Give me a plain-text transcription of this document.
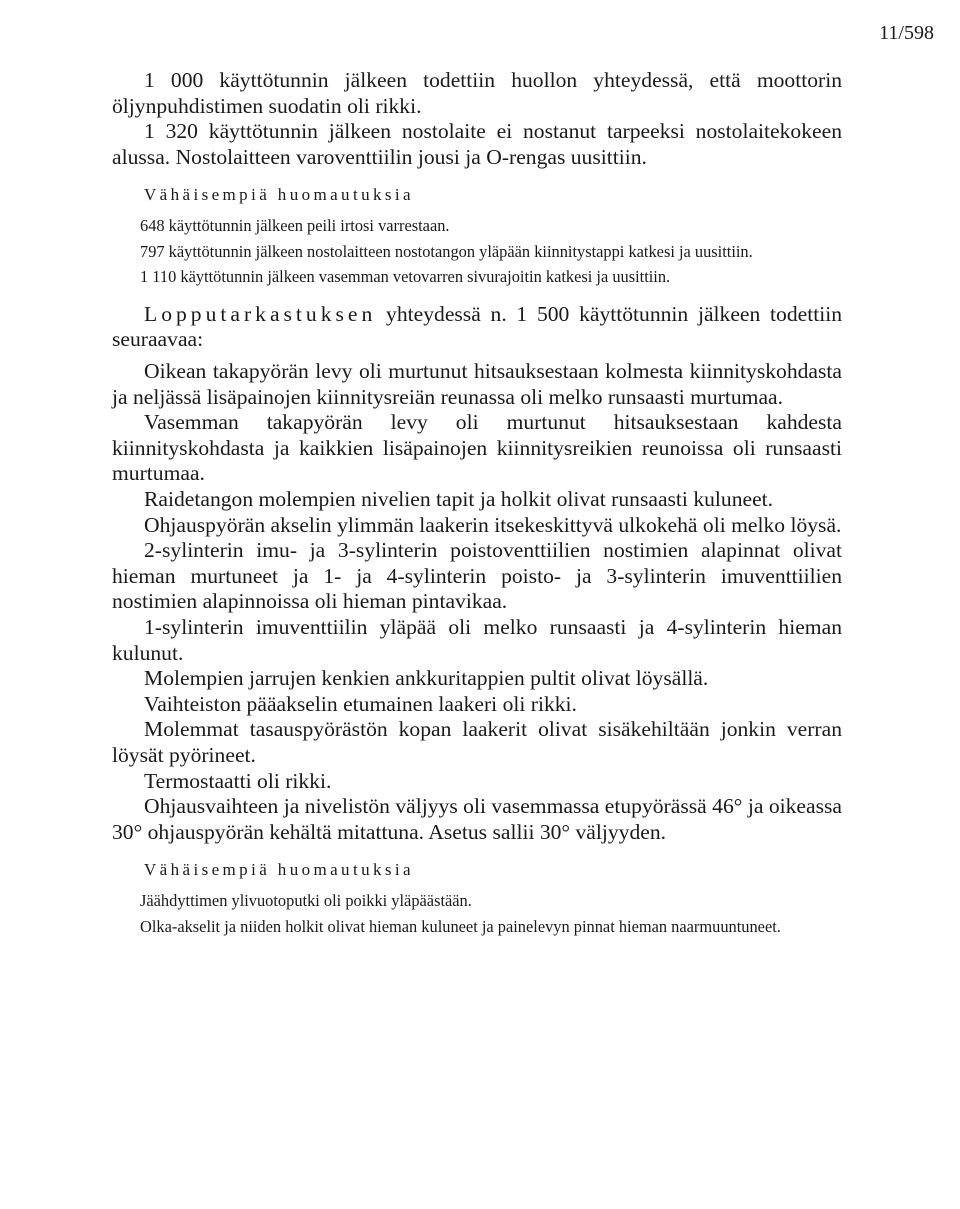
11/598

1 000 käyttötunnin jälkeen todettiin huollon yhteydessä, että moottorin öljynpuhdistimen suodatin oli rikki.

1 320 käyttötunnin jälkeen nostolaite ei nostanut tarpeeksi nostolaitekokeen alussa. Nostolaitteen varoventtiilin jousi ja O-rengas uusittiin.

Vähäisempiä huomautuksia

648 käyttötunnin jälkeen peili irtosi varrestaan.

797 käyttötunnin jälkeen nostolaitteen nostotangon yläpään kiinnitystappi katkesi ja uusittiin.

1 110 käyttötunnin jälkeen vasemman vetovarren sivurajoitin katkesi ja uusittiin.

Lopputarkastuksen yhteydessä n. 1 500 käyttötunnin jälkeen todettiin seuraavaa:

Oikean takapyörän levy oli murtunut hitsauksestaan kolmesta kiinnityskohdasta ja neljässä lisäpainojen kiinnitysreiän reunassa oli melko runsaasti murtumaa.

Vasemman takapyörän levy oli murtunut hitsauksestaan kahdesta kiinnityskohdasta ja kaikkien lisäpainojen kiinnitysreikien reunoissa oli runsaasti murtumaa.

Raidetangon molempien nivelien tapit ja holkit olivat runsaasti kuluneet.

Ohjauspyörän akselin ylimmän laakerin itsekeskittyvä ulkokehä oli melko löysä.

2-sylinterin imu- ja 3-sylinterin poistoventtiilien nostimien alapinnat olivat hieman murtuneet ja 1- ja 4-sylinterin poisto- ja 3-sylinterin imuventtiilien nostimien alapinnoissa oli hieman pintavikaa.

1-sylinterin imuventtiilin yläpää oli melko runsaasti ja 4-sylinterin hieman kulunut.

Molempien jarrujen kenkien ankkuritappien pultit olivat löysällä.

Vaihteiston pääakselin etumainen laakeri oli rikki.

Molemmat tasauspyörästön kopan laakerit olivat sisäkehiltään jonkin verran löysät pyörineet.

Termostaatti oli rikki.

Ohjausvaihteen ja nivelistön väljyys oli vasemmassa etupyörässä 46° ja oikeassa 30° ohjauspyörän kehältä mitattuna. Asetus sallii 30° väljyyden.

Vähäisempiä huomautuksia

Jäähdyttimen ylivuotoputki oli poikki yläpäästään.

Olka-akselit ja niiden holkit olivat hieman kuluneet ja painelevyn pinnat hieman naarmuuntuneet.
